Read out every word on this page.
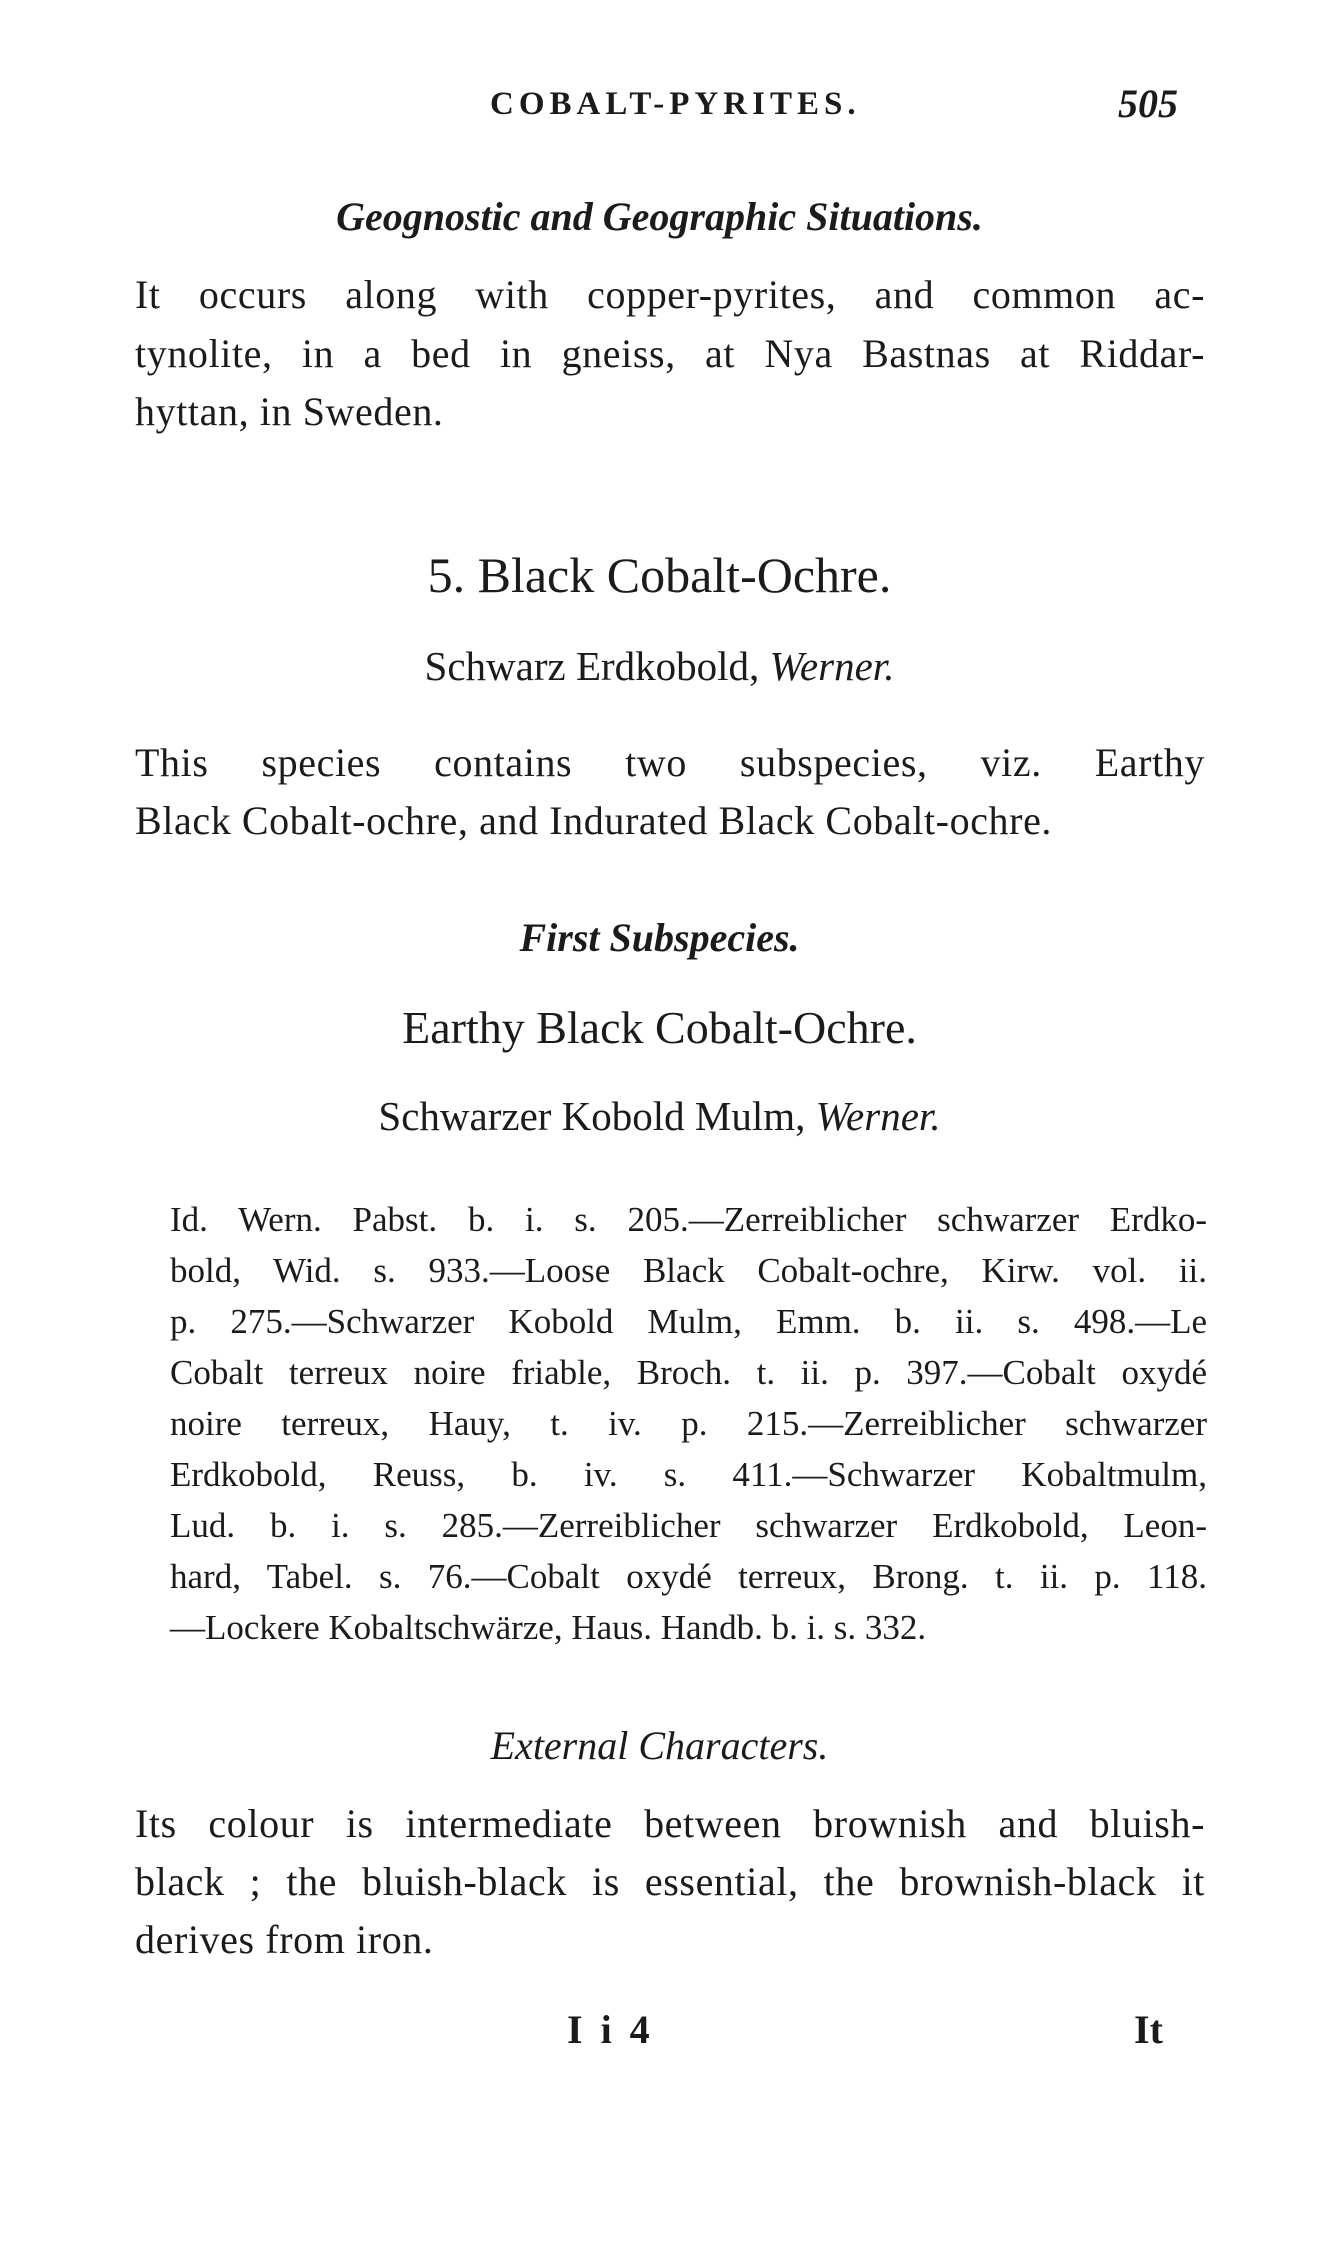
COBALT-PYRITES.	505
Geognostic and Geographic Situations.
It occurs along with copper-pyrites, and common ac-
tynolite, in a bed in gneiss, at Nya Bastnas at Riddar-
hyttan, in Sweden.
5. Black Cobalt-Ochre.
Schwarz Erdkobold, Werner.
This species contains two subspecies, viz. Earthy
Black Cobalt-ochre, and Indurated Black Cobalt-ochre.
First Subspecies.
Earthy Black Cobalt-Ochre.
Schwarzer Kobold Mulm, Werner.
Id. Wern. Pabst. b. i. s. 205.—Zerreiblicher schwarzer Erdko-
bold, Wid. s. 933.—Loose Black Cobalt-ochre, Kirw. vol. ii.
p. 275.—Schwarzer Kobold Mulm, Emm. b. ii. s. 498.—Le
Cobalt terreux noire friable, Broch. t. ii. p. 397.—Cobalt oxydé
noire terreux, Hauy, t. iv. p. 215.—Zerreiblicher schwarzer
Erdkobold, Reuss, b. iv. s. 411.—Schwarzer Kobaltmulm,
Lud. b. i. s. 285.—Zerreiblicher schwarzer Erdkobold, Leon-
hard, Tabel. s. 76.—Cobalt oxydé terreux, Brong. t. ii. p. 118.
—Lockere Kobaltschwärze, Haus. Handb. b. i. s. 332.
External Characters.
Its colour is intermediate between brownish and bluish-
black ; the bluish-black is essential, the brownish-black it
derives from iron.
I i 4	It
